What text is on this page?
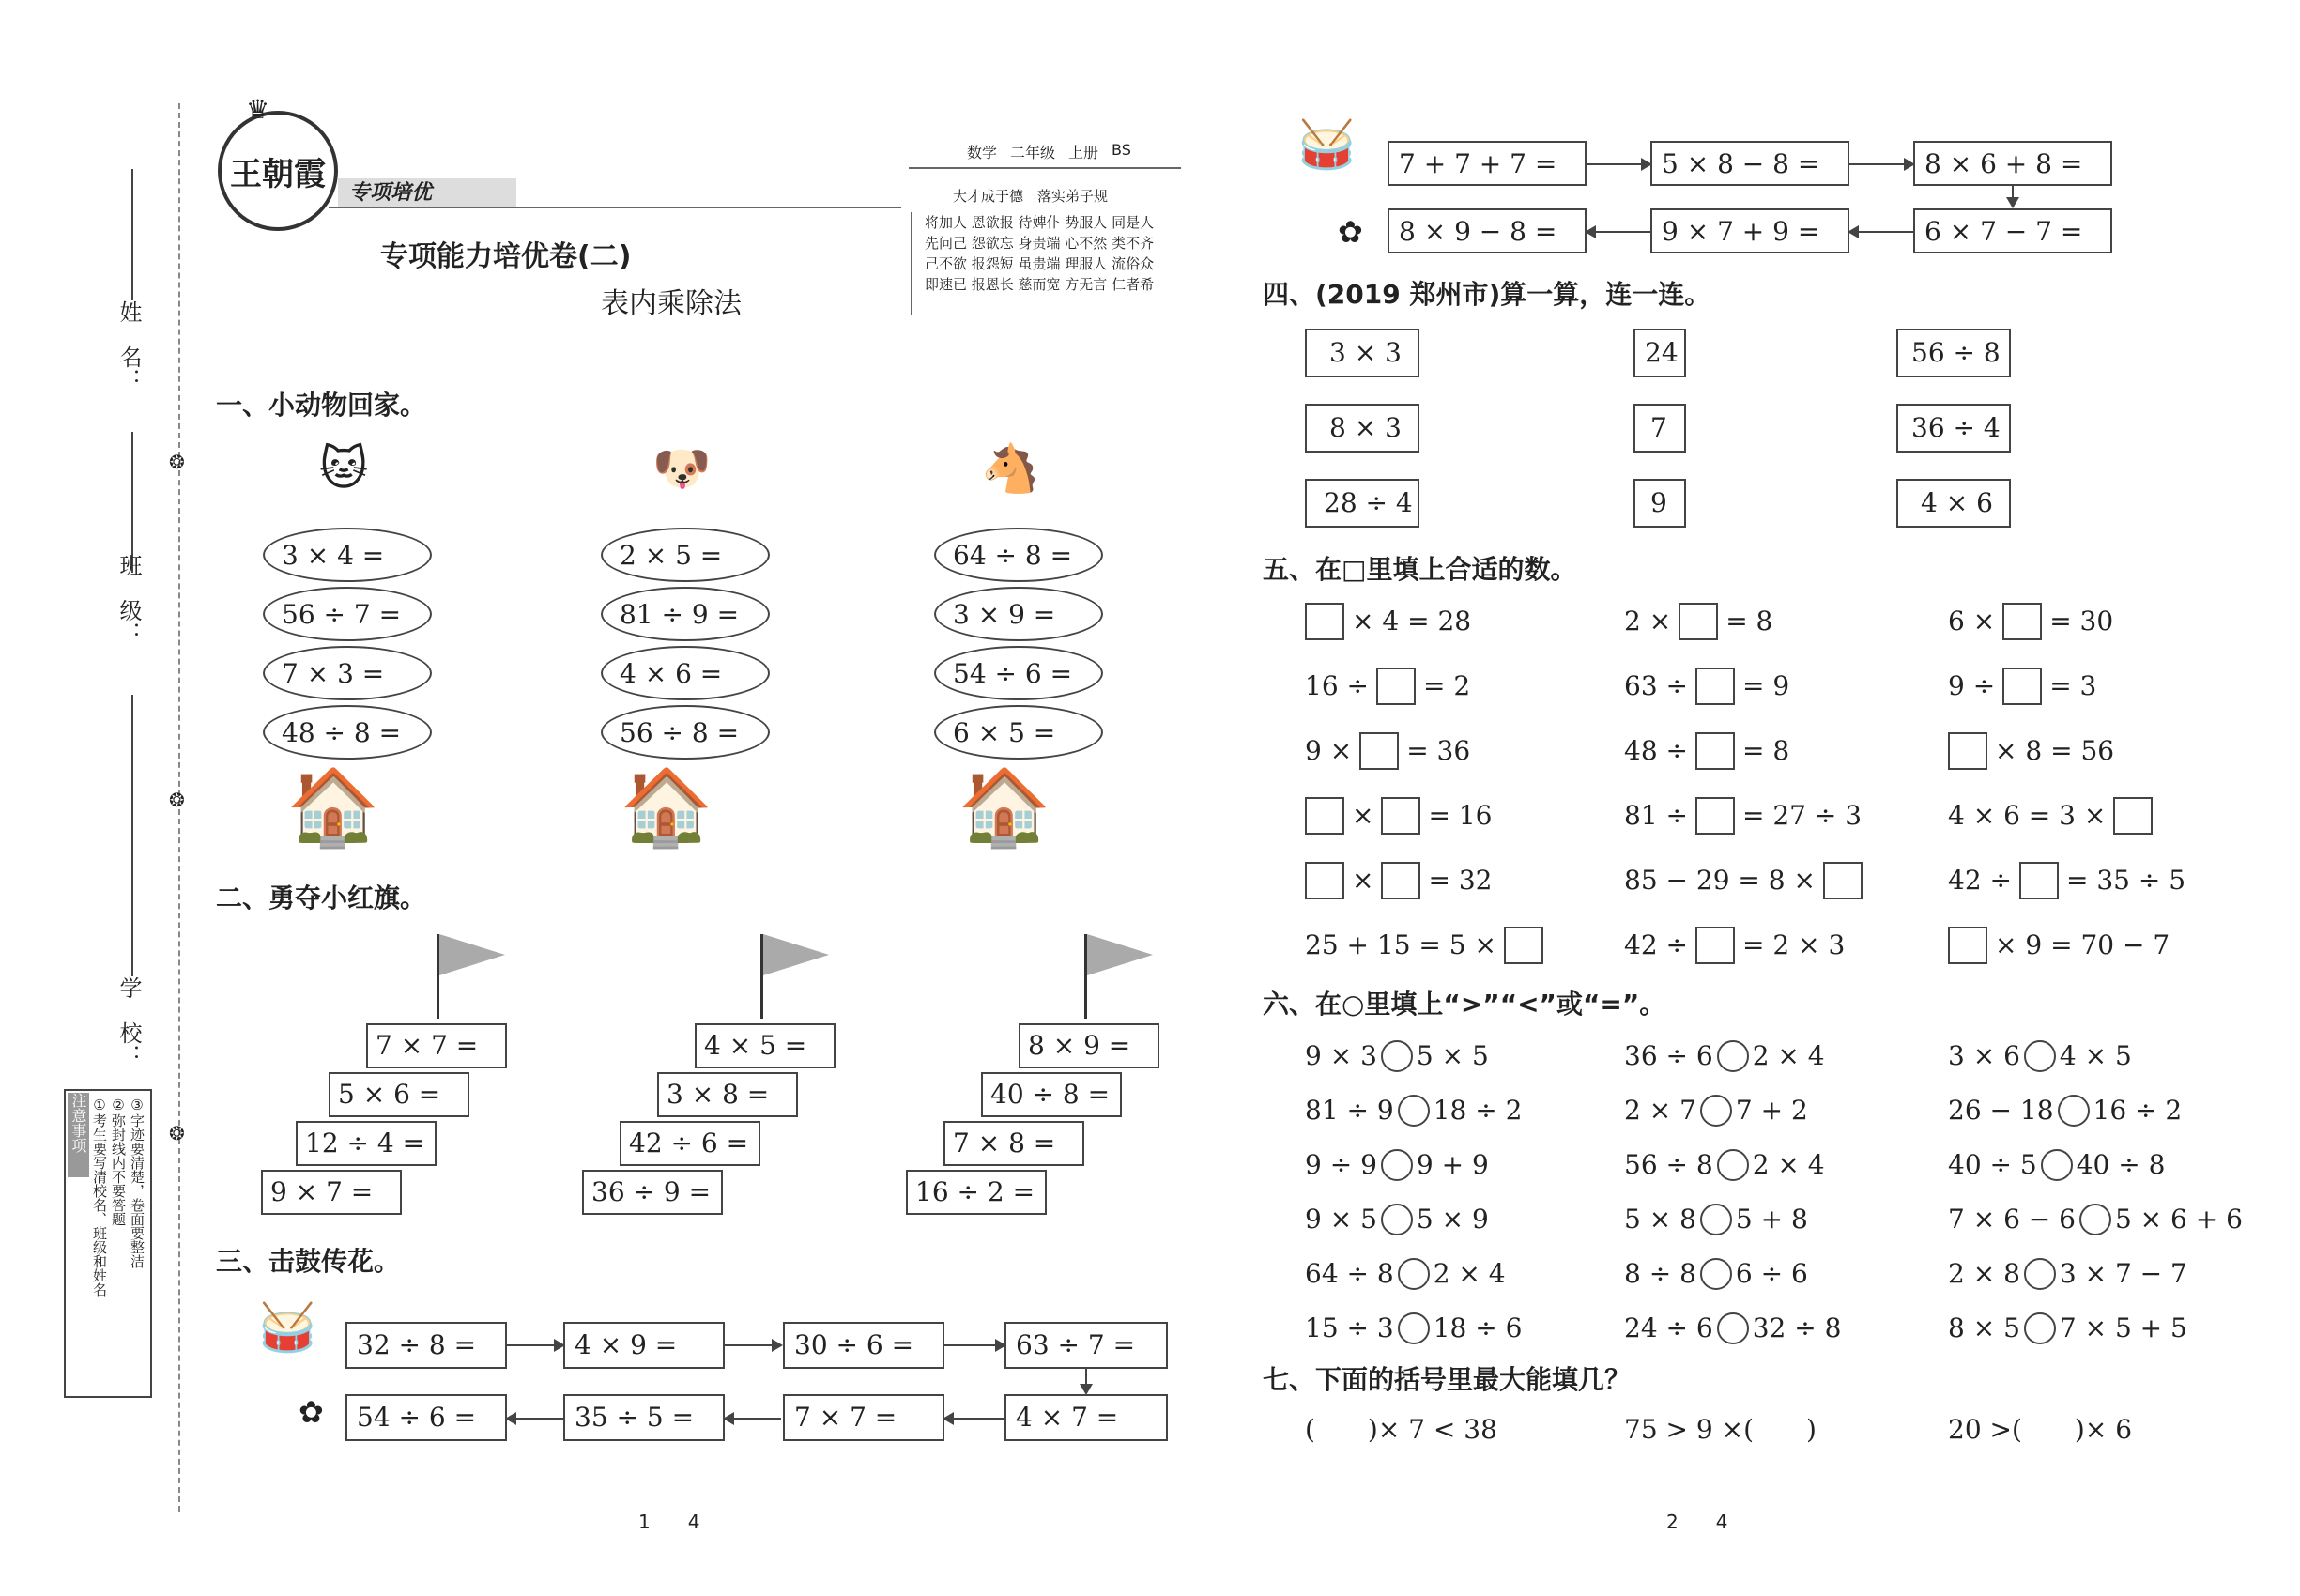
姓　名：
班　级：
学　校：
注意事项 ①考生要写清校名、班级和姓名 ②弥封线内不要答题 ③字迹要清楚，卷面要整洁
❂
❂
❂
王朝霞
♛
专项培优
专项能力培优卷(二)
表内乘除法
数学 二年级 上册 BS
大才成于德　落实弟子规
将加人 恩欲报 待婢仆 势服人 同是人
先问己 怨欲忘 身贵端 心不然 类不齐
己不欲 报怨短 虽贵端 理服人 流俗众
即速已 报恩长 慈而宽 方无言 仁者希
一、小动物回家。
🐱	🐶	🐴
3 × 4 =
56 ÷ 7 =
7 × 3 =
48 ÷ 8 =
2 × 5 =
81 ÷ 9 =
4 × 6 =
56 ÷ 8 =
64 ÷ 8 =
3 × 9 =
54 ÷ 6 =
6 × 5 =
🏠	🏠	🏠
二、勇夺小红旗。
7 × 7 =
5 × 6 =
12 ÷ 4 =
9 × 7 =
4 × 5 =
3 × 8 =
42 ÷ 6 =
36 ÷ 9 =
8 × 9 =
40 ÷ 8 =
7 × 8 =
16 ÷ 2 =
三、击鼓传花。
🥁
✿
32 ÷ 8 =	4 × 9 =	30 ÷ 6 =	63 ÷ 7 =
54 ÷ 6 =	35 ÷ 5 =	7 × 7 =	4 × 7 =
1　　4
🥁
✿
7 + 7 + 7 =	5 × 8 − 8 =	8 × 6 + 8 =
8 × 9 − 8 =	9 × 7 + 9 =	6 × 7 − 7 =
四、(2019 郑州市)算一算，连一连。
3 × 3
8 × 3
28 ÷ 4
24
7
9
56 ÷ 8
36 ÷ 4
4 × 6
五、在□里填上合适的数。
× 4 = 28	2 × = 8	6 × = 30
16 ÷ = 2	63 ÷ = 9	9 ÷ = 3
9 × = 36	48 ÷ = 8	× 8 = 56
× = 16	81 ÷ = 27 ÷ 3	4 × 6 = 3 ×
× = 32	85 − 29 = 8 ×	42 ÷ = 35 ÷ 5
25 + 15 = 5 ×	42 ÷ = 2 × 3	× 9 = 70 − 7
六、在○里填上“>”“<”或“=”。
9 × 3 5 × 5	36 ÷ 6 2 × 4	3 × 6 4 × 5
81 ÷ 9 18 ÷ 2	2 × 7 7 + 2	26 − 18 16 ÷ 2
9 ÷ 9 9 + 9	56 ÷ 8 2 × 4	40 ÷ 5 40 ÷ 8
9 × 5 5 × 9	5 × 8 5 + 8	7 × 6 − 6 5 × 6 + 6
64 ÷ 8 2 × 4	8 ÷ 8 6 ÷ 6	2 × 8 3 × 7 − 7
15 ÷ 3 18 ÷ 6	24 ÷ 6 32 ÷ 8	8 × 5 7 × 5 + 5
七、下面的括号里最大能填几？
(　　)× 7 < 38	75 > 9 ×(　　)	20 >(　　)× 6
2　　4
